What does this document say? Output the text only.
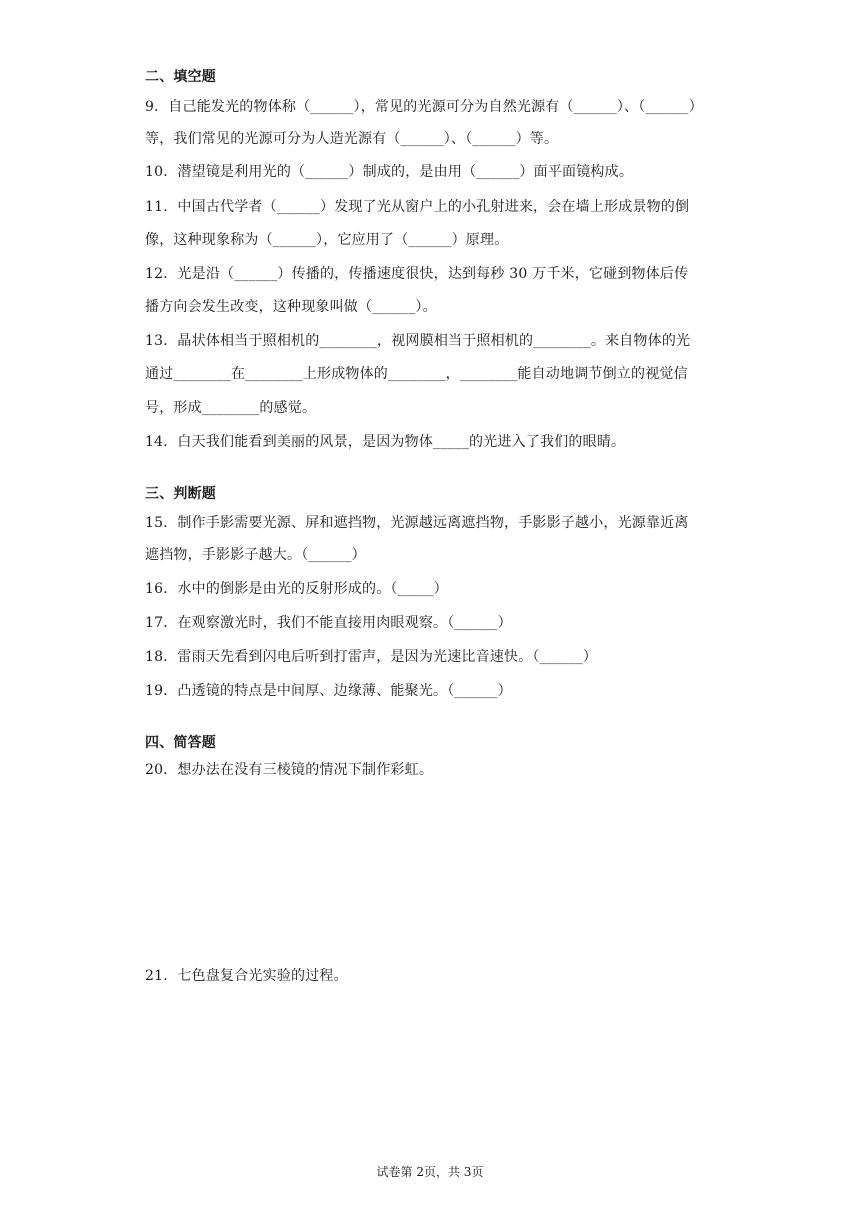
二、填空题
9．自己能发光的物体称（______），常见的光源可分为自然光源有（______）、（______）
等，我们常见的光源可分为人造光源有（______）、（______）等。
10．潜望镜是利用光的（______）制成的，是由用（______）面平面镜构成。
11．中国古代学者（______）发现了光从窗户上的小孔射进来，会在墙上形成景物的倒
像，这种现象称为（______），它应用了（______）原理。
12．光是沿（______）传播的，传播速度很快，达到每秒 30 万千米，它碰到物体后传
播方向会发生改变，这种现象叫做（______）。
13．晶状体相当于照相机的________，视网膜相当于照相机的________。来自物体的光
通过________在________上形成物体的________，________能自动地调节倒立的视觉信
号，形成________的感觉。
14．白天我们能看到美丽的风景，是因为物体_____的光进入了我们的眼睛。
三、判断题
15．制作手影需要光源、屏和遮挡物，光源越远离遮挡物，手影影子越小，光源靠近离
遮挡物，手影影子越大。（______）
16．水中的倒影是由光的反射形成的。（_____）
17．在观察激光时，我们不能直接用肉眼观察。（______）
18．雷雨天先看到闪电后听到打雷声，是因为光速比音速快。（______）
19．凸透镜的特点是中间厚、边缘薄、能聚光。（______）
四、简答题
20．想办法在没有三棱镜的情况下制作彩虹。
21．七色盘复合光实验的过程。
试卷第 2页，共 3页
